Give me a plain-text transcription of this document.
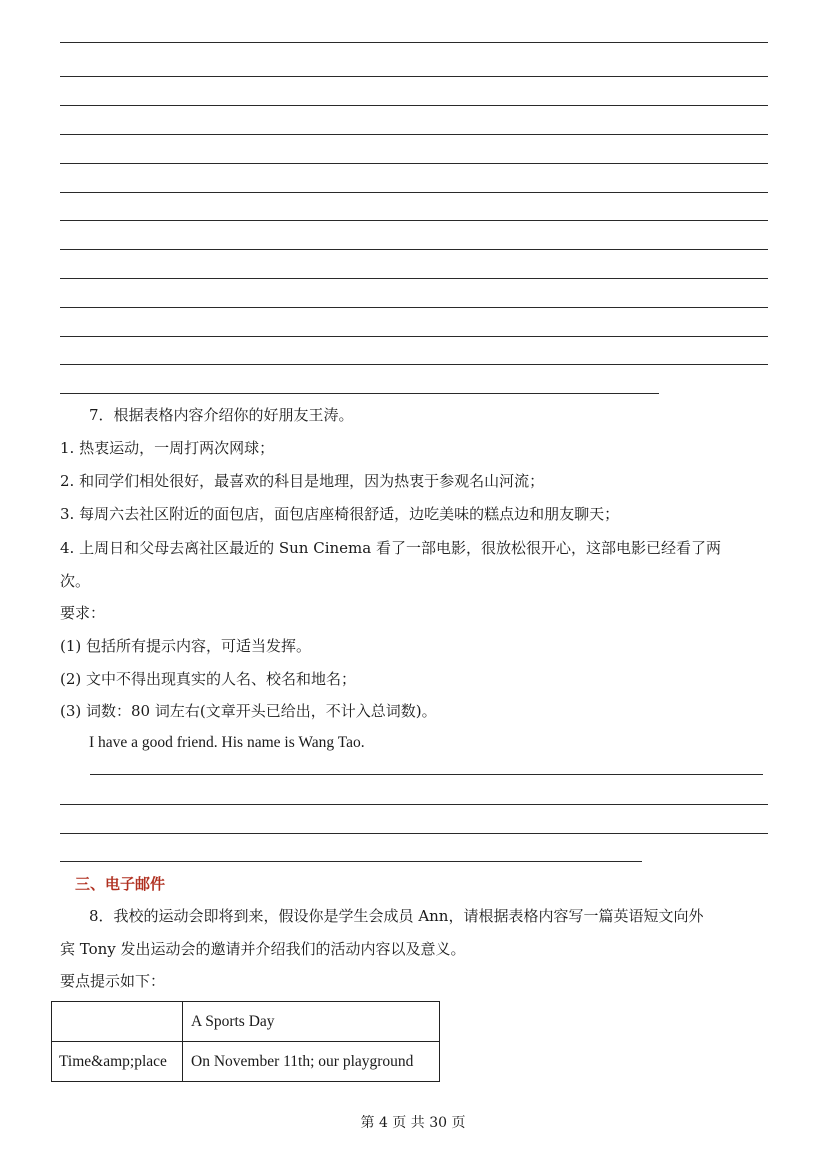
7．根据表格内容介绍你的好朋友王涛。
1. 热衷运动，一周打两次网球；
2. 和同学们相处很好，最喜欢的科目是地理，因为热衷于参观名山河流；
3. 每周六去社区附近的面包店，面包店座椅很舒适，边吃美味的糕点边和朋友聊天；
4. 上周日和父母去离社区最近的 Sun Cinema 看了一部电影，很放松很开心，这部电影已经看了两
次。
要求：
(1) 包括所有提示内容，可适当发挥。
(2) 文中不得出现真实的人名、校名和地名；
(3) 词数：80 词左右(文章开头已给出，不计入总词数)。
I have a good friend. His name is Wang Tao.
三、电子邮件
8．我校的运动会即将到来，假设你是学生会成员 Ann，请根据表格内容写一篇英语短文向外
宾 Tony 发出运动会的邀请并介绍我们的活动内容以及意义。
要点提示如下：
	A Sports Day
Time&amp;place	On November 11th; our playground
第 4 页 共 30 页
